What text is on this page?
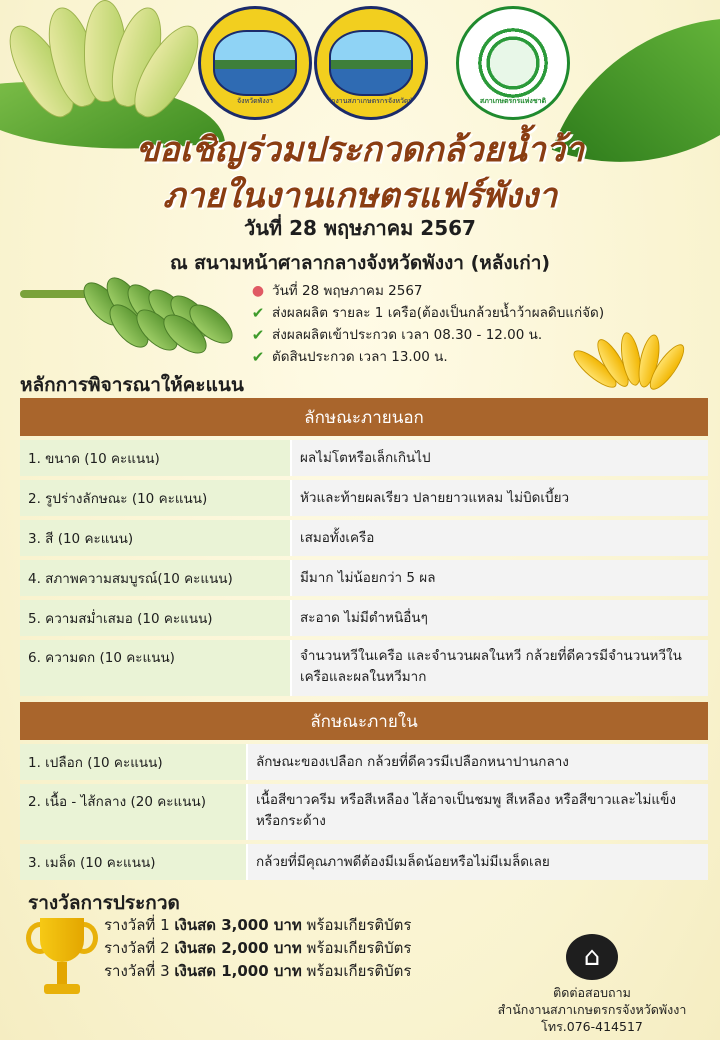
จังหวัดพังงา	สำนักงานสภาเกษตรกรจังหวัดพังงา	สภาเกษตรกรแห่งชาติ
ขอเชิญร่วมประกวดกล้วยน้ำว้า
ภายในงานเกษตรแฟร์พังงา
วันที่ 28 พฤษภาคม 2567
ณ สนามหน้าศาลากลางจังหวัดพังงา (หลังเก่า)
● วันที่ 28 พฤษภาคม 2567
✔ ส่งผลผลิต รายละ 1 เครือ(ต้องเป็นกล้วยน้ำว้าผลดิบแก่จัด)
✔ ส่งผลผลิตเข้าประกวด เวลา 08.30 - 12.00 น.
✔ ตัดสินประกวด เวลา 13.00 น.
หลักการพิจารณาให้คะแนน
ลักษณะภายนอก
1. ขนาด (10 คะแนน)	ผลไม่โตหรือเล็กเกินไป
2. รูปร่างลักษณะ (10 คะแนน)	หัวและท้ายผลเรียว ปลายยาวแหลม ไม่บิดเบี้ยว
3. สี (10 คะแนน)	เสมอทั้งเครือ
4. สภาพความสมบูรณ์(10 คะแนน)	มีมาก ไม่น้อยกว่า 5 ผล
5. ความสม่ำเสมอ (10 คะแนน)	สะอาด ไม่มีตำหนิอื่นๆ
6. ความดก (10 คะแนน)	จำนวนหวีในเครือ และจำนวนผลในหวี กล้วยที่ดีควรมีจำนวนหวีในเครือและผลในหวีมาก
ลักษณะภายใน
1. เปลือก (10 คะแนน)	ลักษณะของเปลือก กล้วยที่ดีควรมีเปลือกหนาปานกลาง
2. เนื้อ - ไส้กลาง (20 คะแนน)	เนื้อสีขาวครีม หรือสีเหลือง ไส้อาจเป็นชมพู สีเหลือง หรือสีขาวและไม่แข็งหรือกระด้าง
3. เมล็ด (10 คะแนน)	กล้วยที่มีคุณภาพดีต้องมีเมล็ดน้อยหรือไม่มีเมล็ดเลย
รางวัลการประกวด
รางวัลที่ 1 เงินสด 3,000 บาท พร้อมเกียรติบัตร
รางวัลที่ 2 เงินสด 2,000 บาท พร้อมเกียรติบัตร
รางวัลที่ 3 เงินสด 1,000 บาท พร้อมเกียรติบัตร	⌂
ติดต่อสอบถาม
สำนักงานสภาเกษตรกรจังหวัดพังงา
โทร.076-414517
